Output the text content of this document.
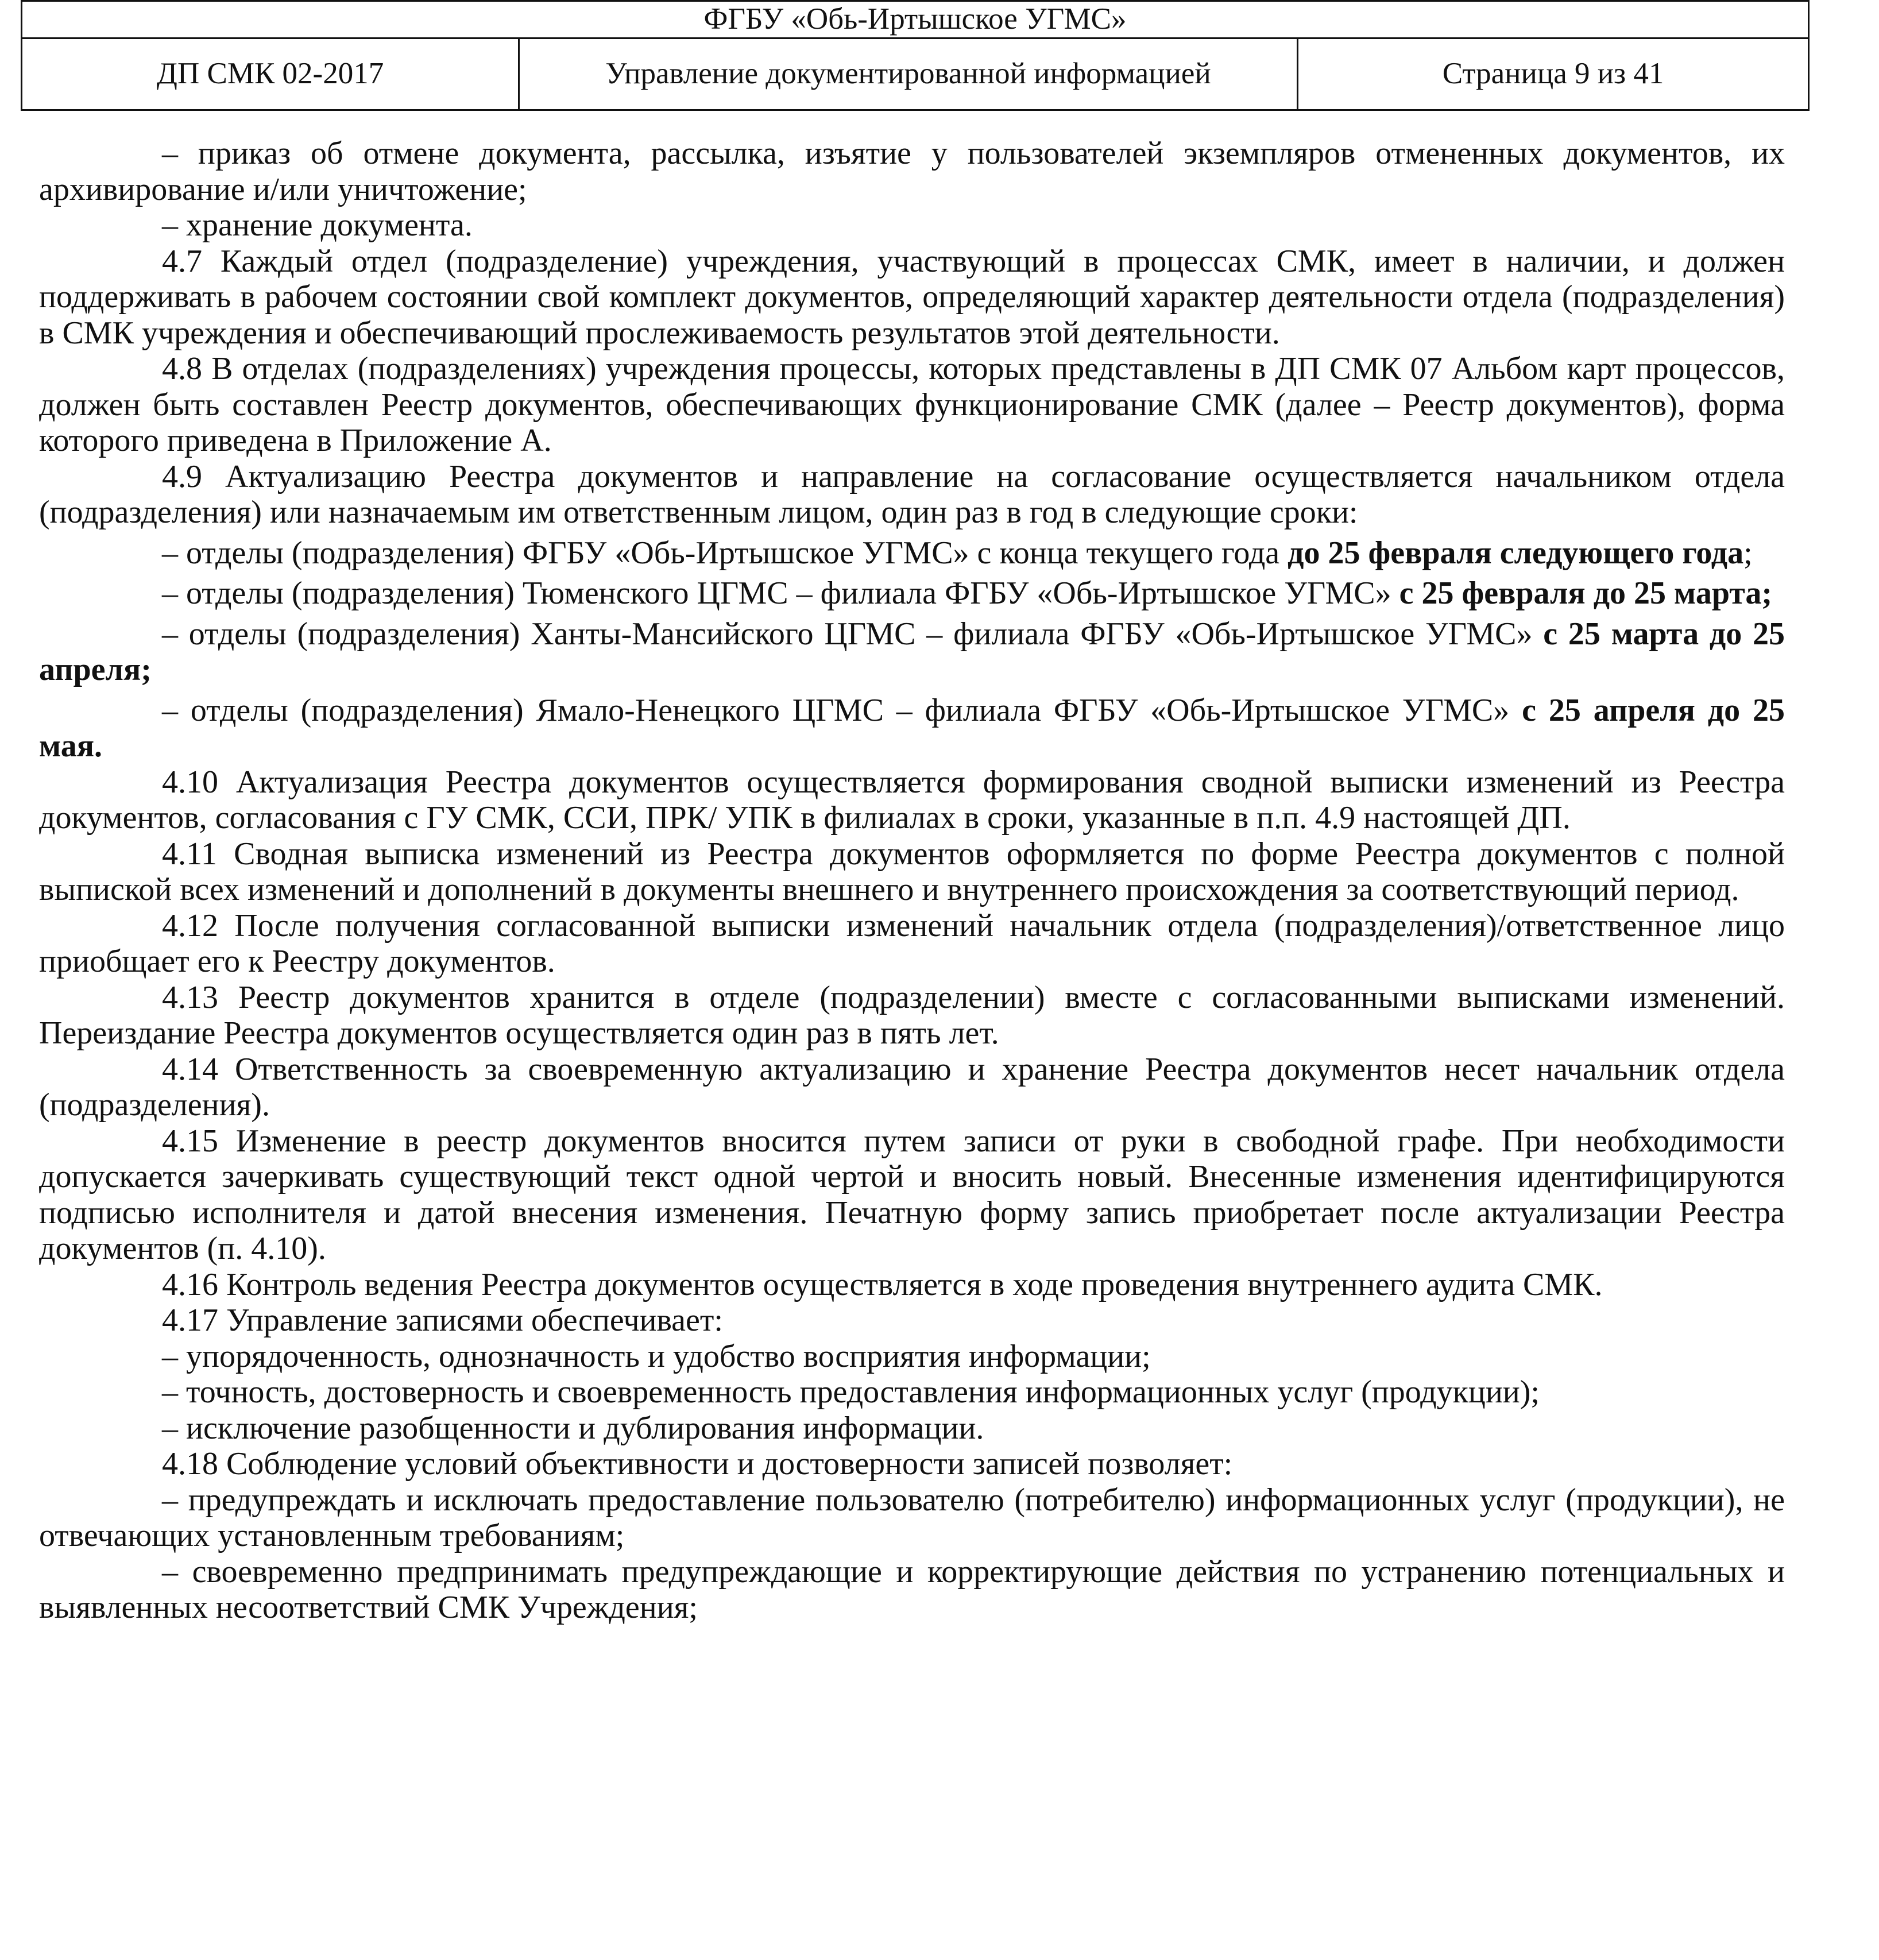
ФГБУ «Обь-Иртышское УГМС»
ДП СМК 02-2017	Управление документированной информацией	Страница 9 из 41

– приказ об отмене документа, рассылка, изъятие у пользователей экземпляров отмененных документов, их архивирование и/или уничтожение;

– хранение документа.

4.7 Каждый отдел (подразделение) учреждения, участвующий в процессах СМК, имеет в наличии, и должен поддерживать в рабочем состоянии свой комплект документов, определяющий характер деятельности отдела (подразделения) в СМК учреждения и обеспечивающий прослеживаемость результатов этой деятельности.

4.8 В отделах (подразделениях) учреждения процессы, которых представлены в ДП СМК 07 Альбом карт процессов, должен быть составлен Реестр документов, обеспечивающих функционирование СМК (далее – Реестр документов), форма которого приведена в Приложение А.

4.9 Актуализацию Реестра документов и направление на согласование осуществляется начальником отдела (подразделения) или назначаемым им ответственным лицом, один раз в год в следующие сроки:

– отделы (подразделения) ФГБУ «Обь-Иртышское УГМС» с конца текущего года до 25 февраля следующего года;

– отделы (подразделения) Тюменского ЦГМС – филиала ФГБУ «Обь-Иртышское УГМС» с 25 февраля до 25 марта;

– отделы (подразделения) Ханты-Мансийского ЦГМС – филиала ФГБУ «Обь-Иртышское УГМС» с 25 марта до 25 апреля;

– отделы (подразделения) Ямало-Ненецкого ЦГМС – филиала ФГБУ «Обь-Иртышское УГМС» с 25 апреля до 25 мая.

4.10 Актуализация Реестра документов осуществляется формирования сводной выписки изменений из Реестра документов, согласования с ГУ СМК, ССИ, ПРК/ УПК в филиалах в сроки, указанные в п.п. 4.9 настоящей ДП.

4.11 Сводная выписка изменений из Реестра документов оформляется по форме Реестра документов с полной выпиской всех изменений и дополнений в документы внешнего и внутреннего происхождения за соответствующий период.

4.12 После получения согласованной выписки изменений начальник отдела (подразделения)/ответственное лицо приобщает его к Реестру документов.

4.13 Реестр документов хранится в отделе (подразделении) вместе с согласованными выписками изменений. Переиздание Реестра документов осуществляется один раз в пять лет.

4.14 Ответственность за своевременную актуализацию и хранение Реестра документов несет начальник отдела (подразделения).

4.15 Изменение в реестр документов вносится путем записи от руки в свободной графе. При необходимости допускается зачеркивать существующий текст одной чертой и вносить новый. Внесенные изменения идентифицируются подписью исполнителя и датой внесения изменения. Печатную форму запись приобретает после актуализации Реестра документов (п. 4.10).

4.16 Контроль ведения Реестра документов осуществляется в ходе проведения внутреннего аудита СМК.

4.17 Управление записями обеспечивает:

– упорядоченность, однозначность и удобство восприятия информации;

– точность, достоверность и своевременность предоставления информационных услуг (продукции);

– исключение разобщенности и дублирования информации.

4.18 Соблюдение условий объективности и достоверности записей позволяет:

– предупреждать и исключать предоставление пользователю (потребителю) информационных услуг (продукции), не отвечающих установленным требованиям;

– своевременно предпринимать предупреждающие и корректирующие действия по устранению потенциальных и выявленных несоответствий СМК Учреждения;
